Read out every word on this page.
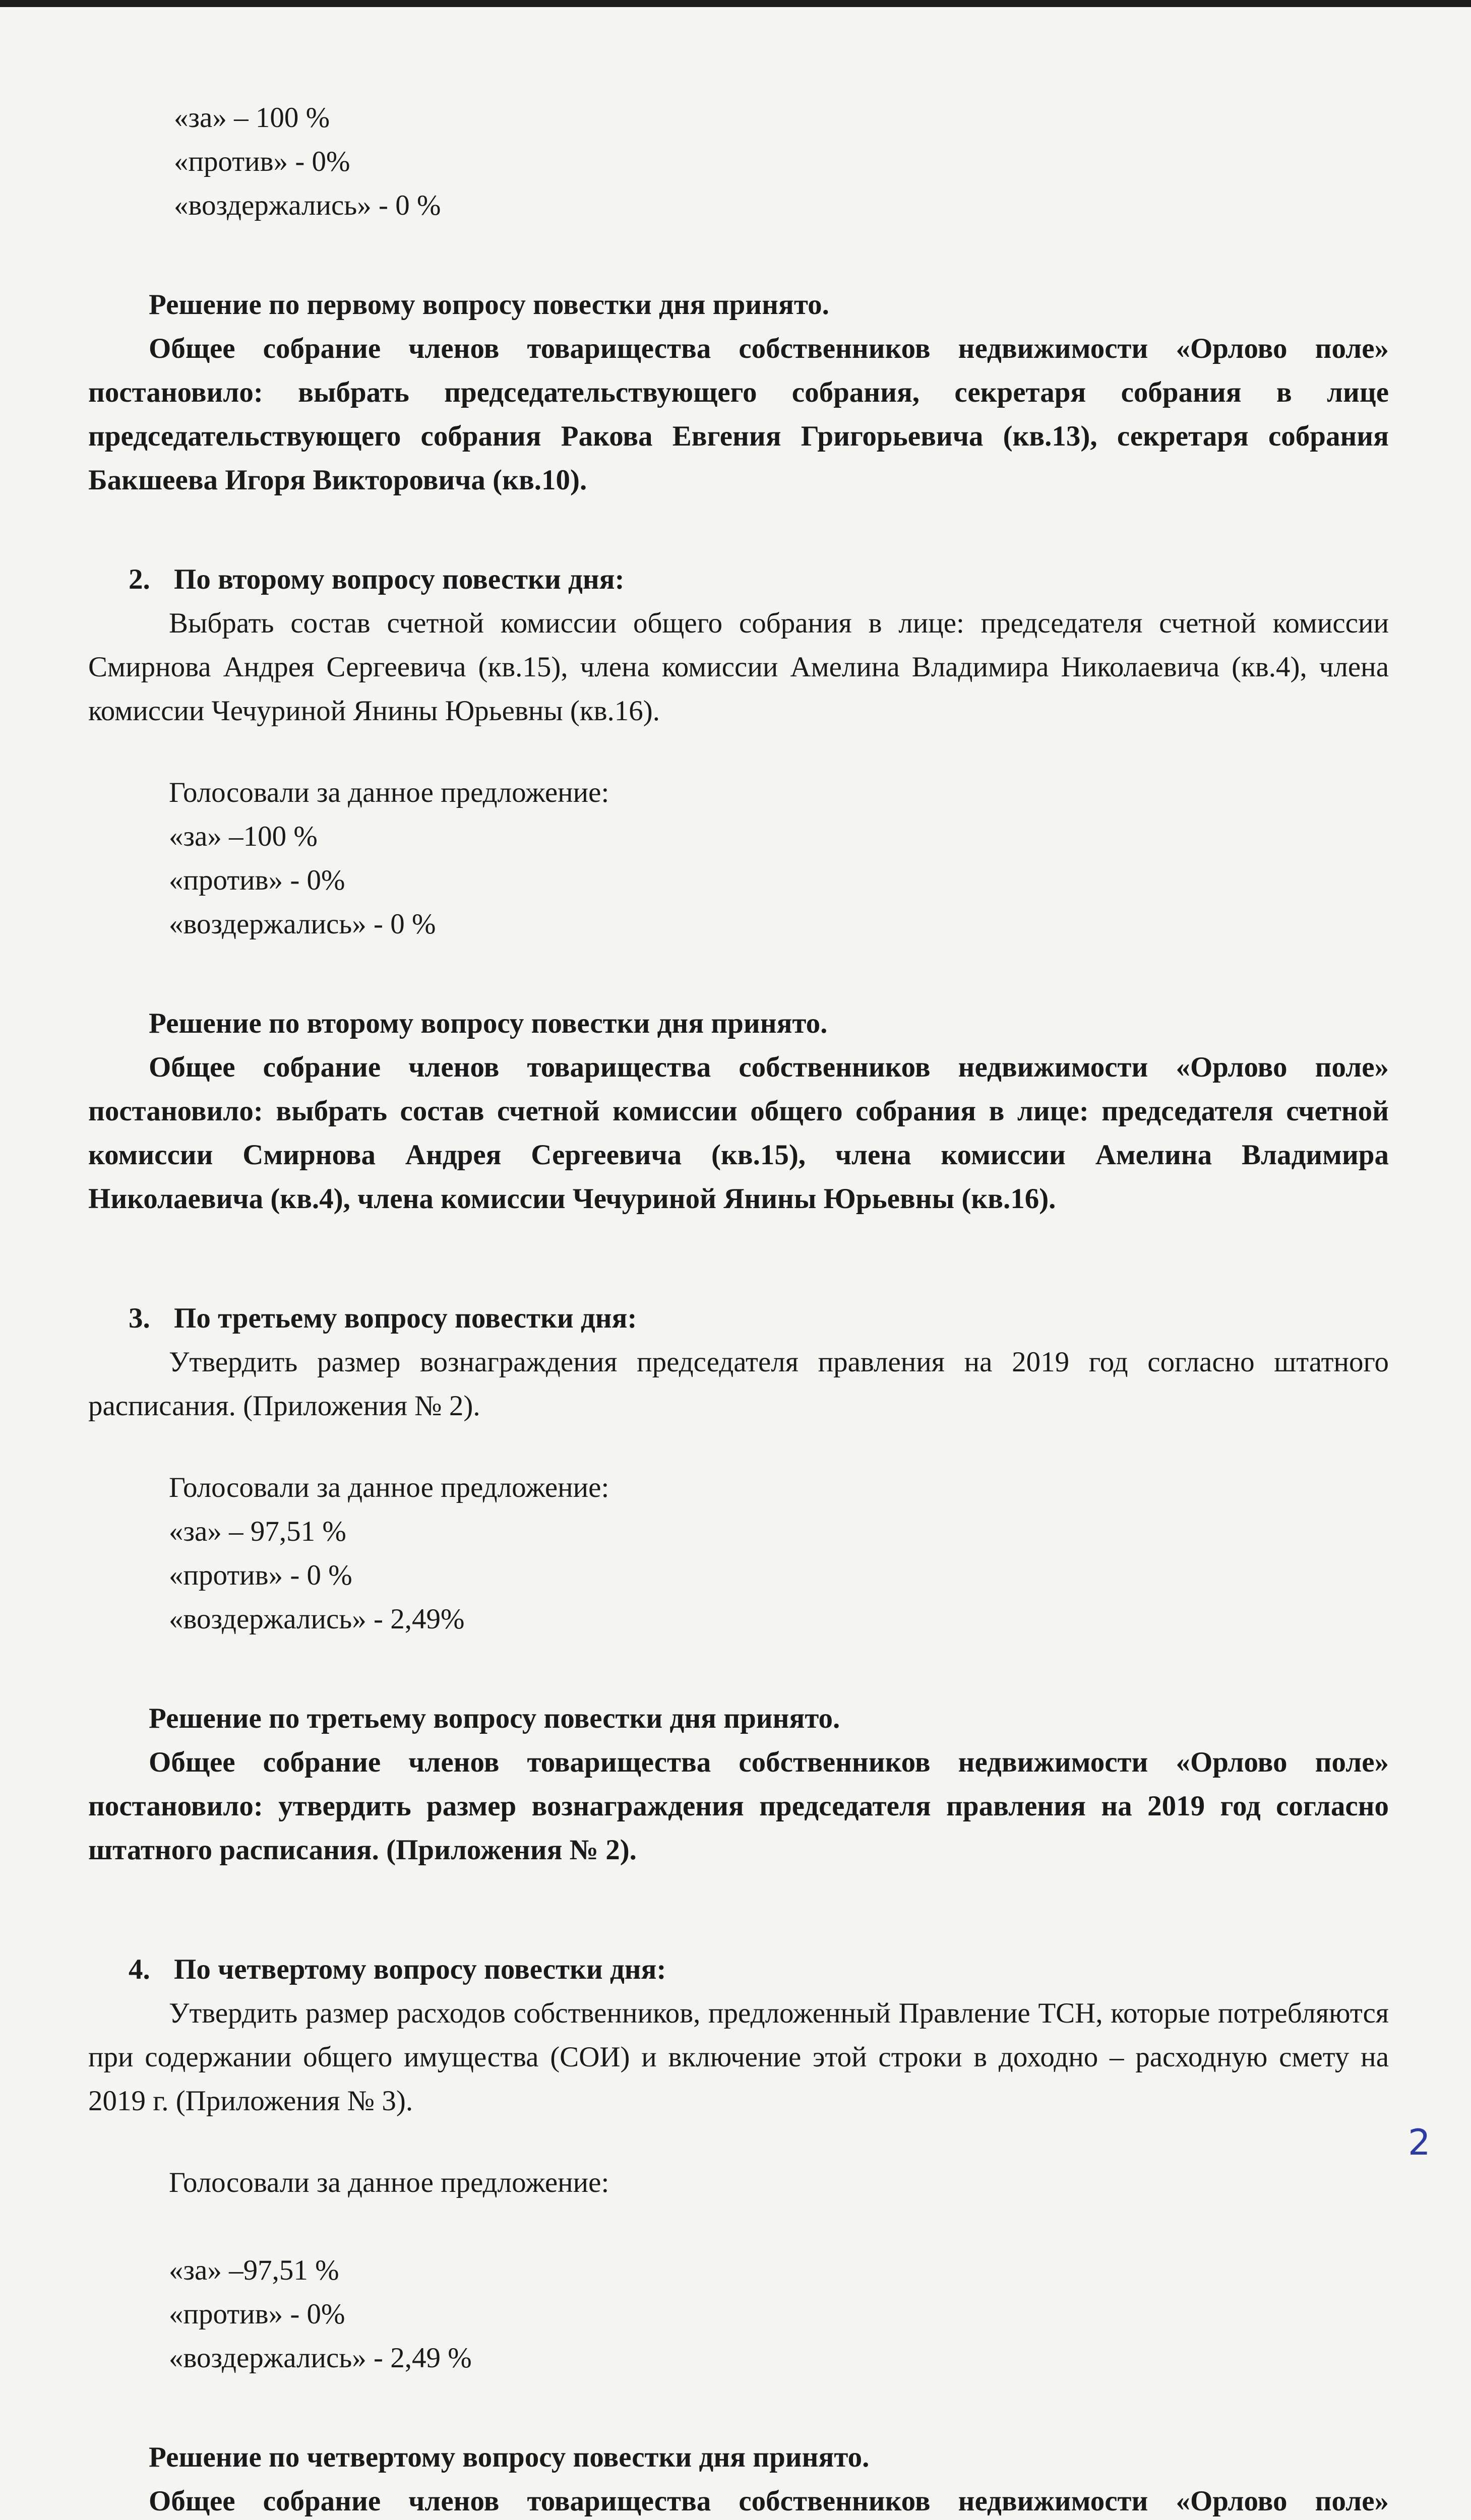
«за» – 100 %
«против» - 0%
«воздержались» - 0 %
Решение по первому вопросу повестки дня принято.
Общее собрание членов товарищества собственников недвижимости «Орлово поле» постановило: выбрать председательствующего собрания, секретаря собрания в лице председательствующего собрания Ракова Евгения Григорьевича (кв.13), секретаря собрания Бакшеева Игоря Викторовича (кв.10).
2. По второму вопросу повестки дня:
Выбрать состав счетной комиссии общего собрания в лице: председателя счетной комиссии Смирнова Андрея Сергеевича (кв.15), члена комиссии Амелина Владимира Николаевича (кв.4), члена комиссии Чечуриной Янины Юрьевны (кв.16).
Голосовали за данное предложение:
«за» –100 %
«против» - 0%
«воздержались» - 0 %
Решение по второму вопросу повестки дня принято.
Общее собрание членов товарищества собственников недвижимости «Орлово поле» постановило: выбрать состав счетной комиссии общего собрания в лице: председателя счетной комиссии Смирнова Андрея Сергеевича (кв.15), члена комиссии Амелина Владимира Николаевича (кв.4), члена комиссии Чечуриной Янины Юрьевны (кв.16).
3. По третьему вопросу повестки дня:
Утвердить размер вознаграждения председателя правления на 2019 год согласно штатного расписания. (Приложения № 2).
Голосовали за данное предложение:
«за» – 97,51 %
«против» - 0 %
«воздержались» - 2,49%
Решение по третьему вопросу повестки дня принято.
Общее собрание членов товарищества собственников недвижимости «Орлово поле» постановило: утвердить размер вознаграждения председателя правления на 2019 год согласно штатного расписания. (Приложения № 2).
4. По четвертому вопросу повестки дня:
Утвердить размер расходов собственников, предложенный Правление ТСН, которые потребляются при содержании общего имущества (СОИ) и включение этой строки в доходно – расходную смету на 2019 г. (Приложения № 3).
Голосовали за данное предложение:
«за» –97,51 %
«против» - 0%
«воздержались» - 2,49 %
Решение по четвертому вопросу повестки дня принято.
Общее собрание членов товарищества собственников недвижимости «Орлово поле»
2
